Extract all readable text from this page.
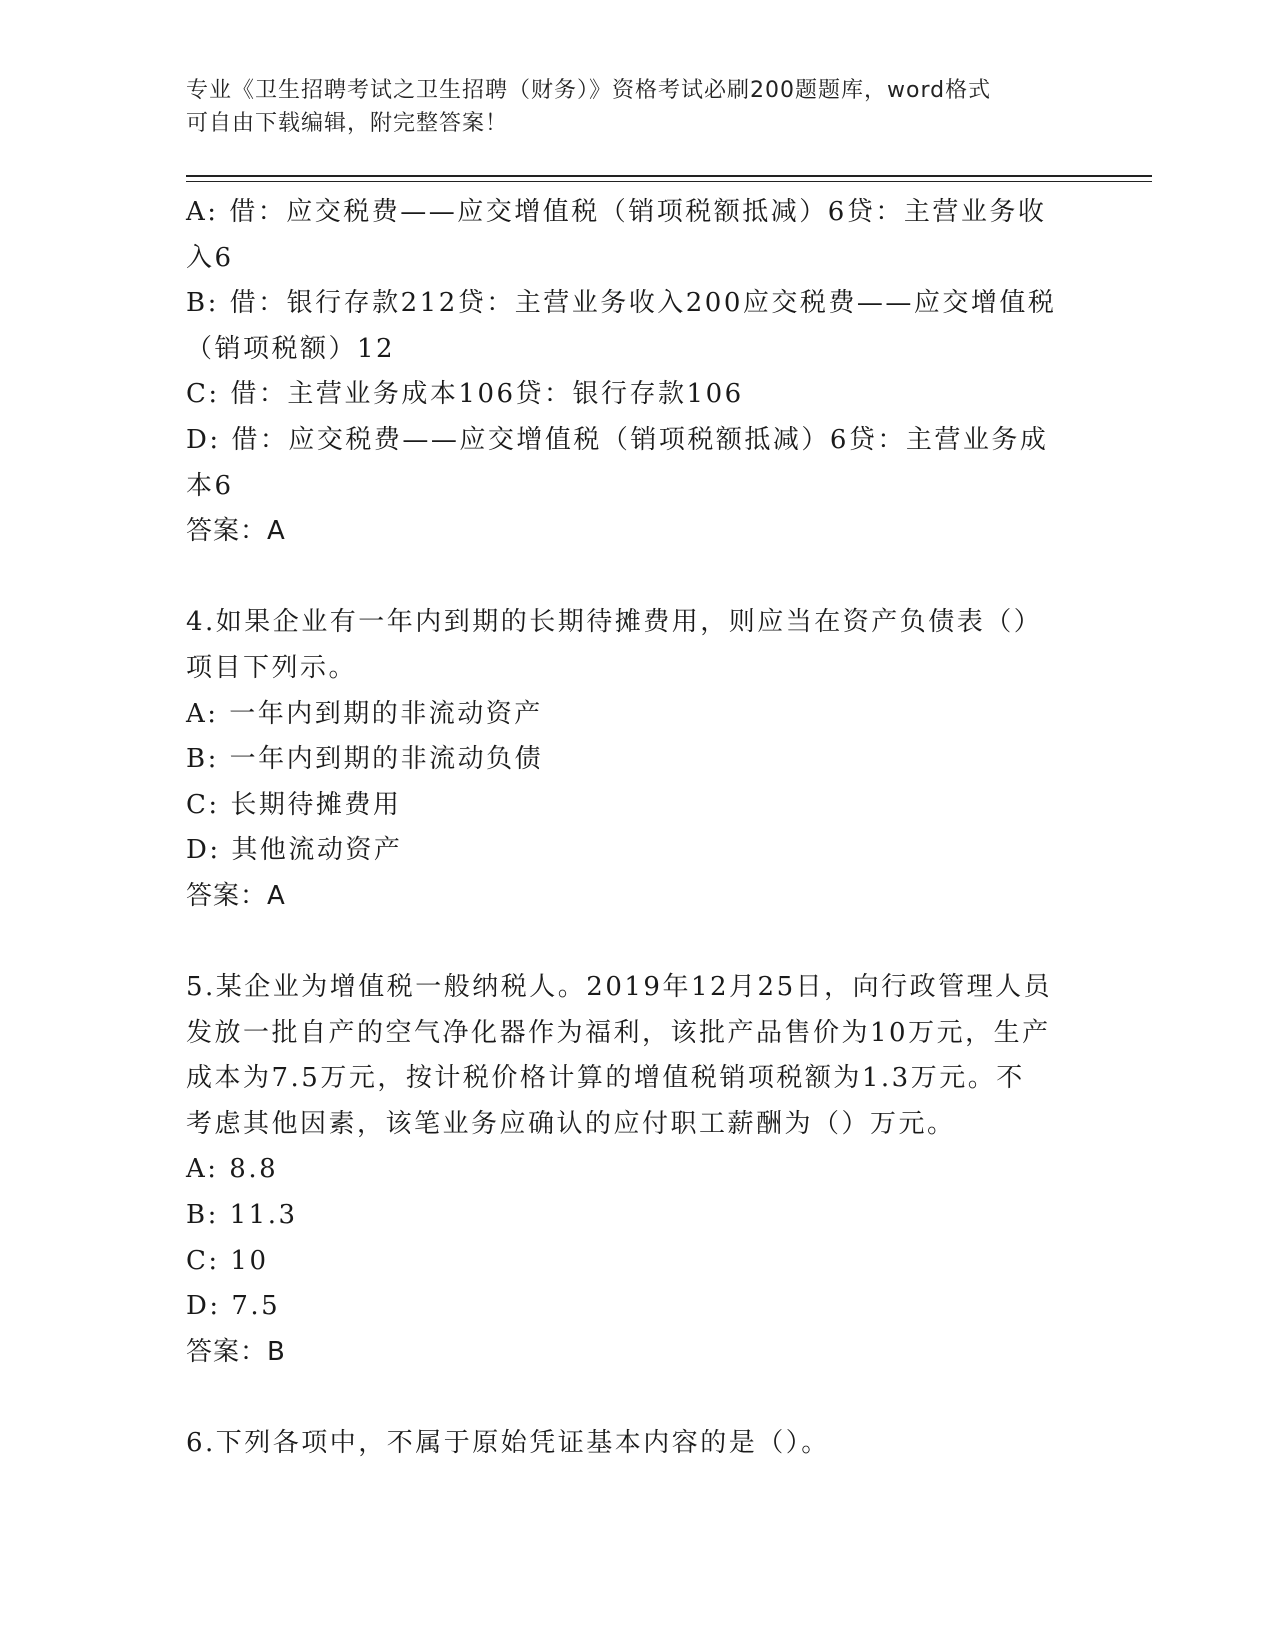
专业《卫生招聘考试之卫生招聘（财务）》资格考试必刷200题题库，word格式
可自由下载编辑，附完整答案！

A: 借：应交税费——应交增值税（销项税额抵减）6贷：主营业务收

入6

B: 借：银行存款212贷：主营业务收入200应交税费——应交增值税

（销项税额）12

C: 借：主营业务成本106贷：银行存款106

D: 借：应交税费——应交增值税（销项税额抵减）6贷：主营业务成

本6

答案：A

4.如果企业有一年内到期的长期待摊费用，则应当在资产负债表（）

项目下列示。

A: 一年内到期的非流动资产

B: 一年内到期的非流动负债

C: 长期待摊费用

D: 其他流动资产

答案：A

5.某企业为增值税一般纳税人。2019年12月25日，向行政管理人员

发放一批自产的空气净化器作为福利，该批产品售价为10万元，生产

成本为7.5万元，按计税价格计算的增值税销项税额为1.3万元。不

考虑其他因素，该笔业务应确认的应付职工薪酬为（）万元。

A: 8.8

B: 11.3

C: 10

D: 7.5

答案：B

6.下列各项中，不属于原始凭证基本内容的是（）。
